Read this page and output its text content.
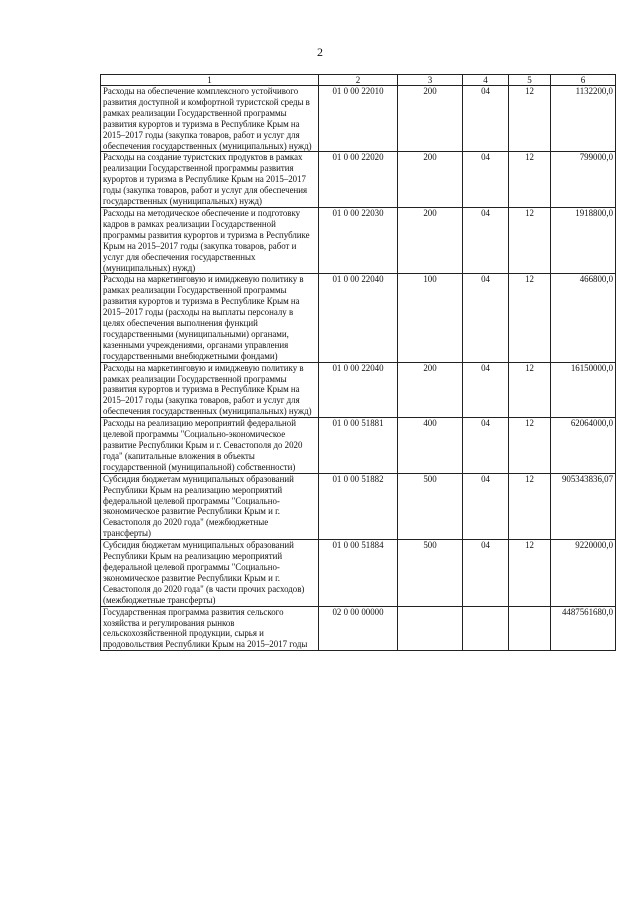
2
1	2	3	4	5	6
Расходы на обеспечение комплексного устойчивого развития доступной и комфортной туристской среды в рамках реализации Государственной программы развития курортов и туризма в Республике Крым на 2015–2017 годы (закупка товаров, работ и услуг для обеспечения государственных (муниципальных) нужд)	01 0 00 22010	200	04	12	1132200,0
Расходы на создание туристских продуктов в рамках реализации Государственной программы развития курортов и туризма в Республике Крым на 2015–2017 годы (закупка товаров, работ и услуг для обеспечения государственных (муниципальных) нужд)	01 0 00 22020	200	04	12	799000,0
Расходы на методическое обеспечение и подготовку кадров в рамках реализации Государственной программы развития курортов и туризма в Республике Крым на 2015–2017 годы (закупка товаров, работ и услуг для обеспечения государственных (муниципальных) нужд)	01 0 00 22030	200	04	12	1918800,0
Расходы на маркетинговую и имиджевую политику в рамках реализации Государственной программы развития курортов и туризма в Республике Крым на 2015–2017 годы (расходы на выплаты персоналу в целях обеспечения выполнения функций государственными (муниципальными) органами, казенными учреждениями, органами управления государственными внебюджетными фондами)	01 0 00 22040	100	04	12	466800,0
Расходы на маркетинговую и имиджевую политику в рамках реализации Государственной программы развития курортов и туризма в Республике Крым на 2015–2017 годы (закупка товаров, работ и услуг для обеспечения государственных (муниципальных) нужд)	01 0 00 22040	200	04	12	16150000,0
Расходы на реализацию мероприятий федеральной целевой программы "Социально-экономическое развитие Республики Крым и г. Севастополя до 2020 года" (капитальные вложения в объекты государственной (муниципальной) собственности)	01 0 00 51881	400	04	12	62064000,0
Субсидия бюджетам муниципальных образований Республики Крым на реализацию мероприятий федеральной целевой программы "Социально-экономическое развитие Республики Крым и г. Севастополя до 2020 года" (межбюджетные трансферты)	01 0 00 51882	500	04	12	905343836,07
Субсидия бюджетам муниципальных образований Республики Крым на реализацию мероприятий федеральной целевой программы "Социально-экономическое развитие Республики Крым и г. Севастополя до 2020 года" (в части прочих расходов) (межбюджетные трансферты)	01 0 00 51884	500	04	12	9220000,0
Государственная программа развития сельского хозяйства и регулирования рынков сельскохозяйственной продукции, сырья и продовольствия Республики Крым на 2015–2017 годы	02 0 00 00000				4487561680,0
